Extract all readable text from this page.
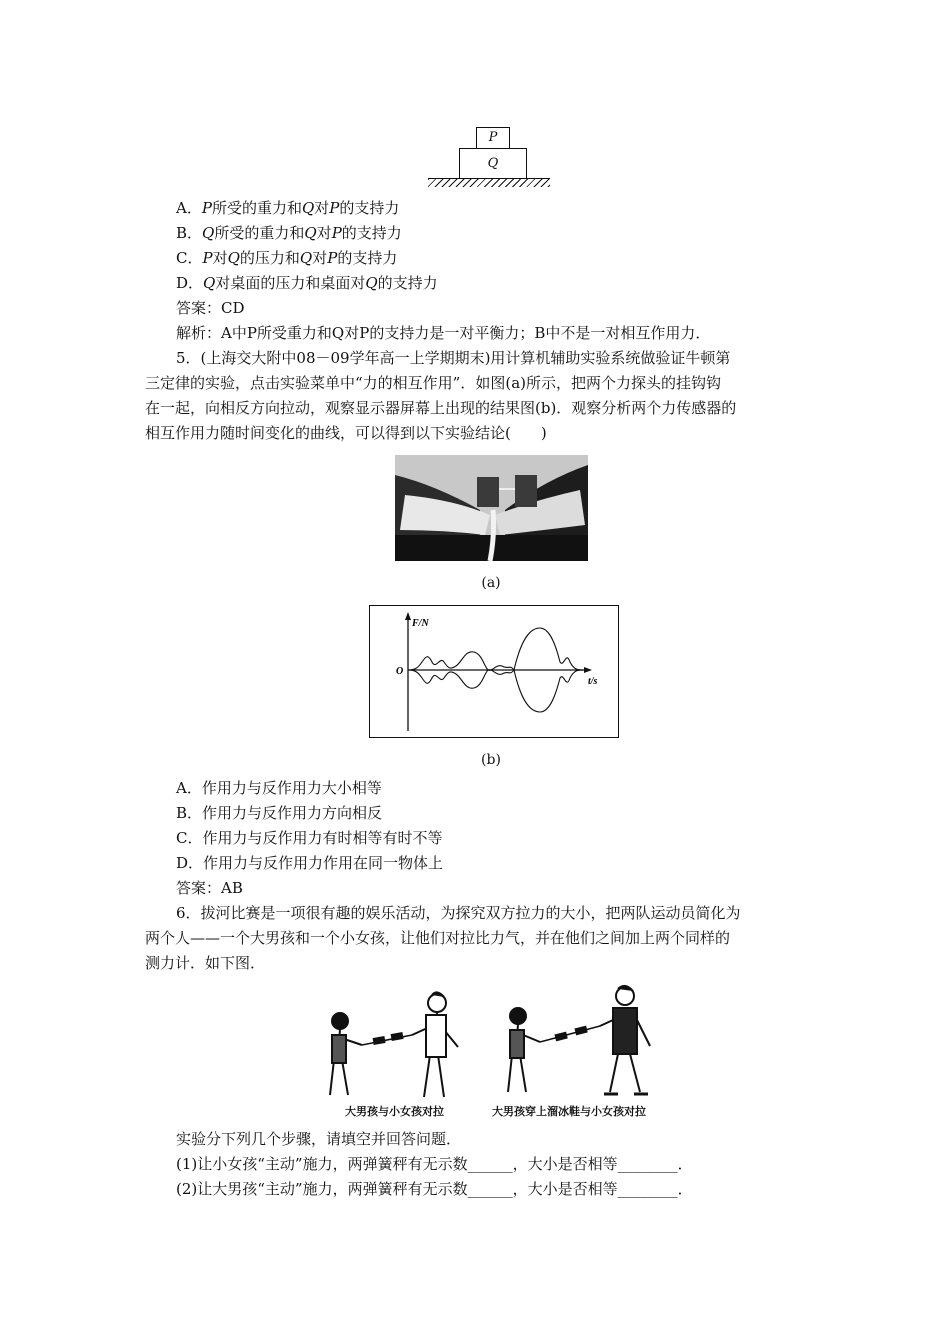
P
Q
A．P所受的重力和Q对P的支持力
B．Q所受的重力和Q对P的支持力
C．P对Q的压力和Q对P的支持力
D．Q对桌面的压力和桌面对Q的支持力
答案：CD
解析：A中P所受重力和Q对P的支持力是一对平衡力；B中不是一对相互作用力．
5．(上海交大附中08－09学年高一上学期期末)用计算机辅助实验系统做验证牛顿第
三定律的实验，点击实验菜单中“力的相互作用”．如图(a)所示，把两个力探头的挂钩钩
在一起，向相反方向拉动，观察显示器屏幕上出现的结果图(b)．观察分析两个力传感器的
相互作用力随时间变化的曲线，可以得到以下实验结论(　　)
(a)
F/N
t/s
O
(b)
A．作用力与反作用力大小相等
B．作用力与反作用力方向相反
C．作用力与反作用力有时相等有时不等
D．作用力与反作用力作用在同一物体上
答案：AB
6．拔河比赛是一项很有趣的娱乐活动，为探究双方拉力的大小，把两队运动员简化为
两个人——一个大男孩和一个小女孩，让他们对拉比力气，并在他们之间加上两个同样的
测力计．如下图．
大男孩与小女孩对拉	大男孩穿上溜冰鞋与小女孩对拉
实验分下列几个步骤，请填空并回答问题．
(1)让小女孩“主动”施力，两弹簧秤有无示数______，大小是否相等________．
(2)让大男孩“主动”施力，两弹簧秤有无示数______，大小是否相等________．
